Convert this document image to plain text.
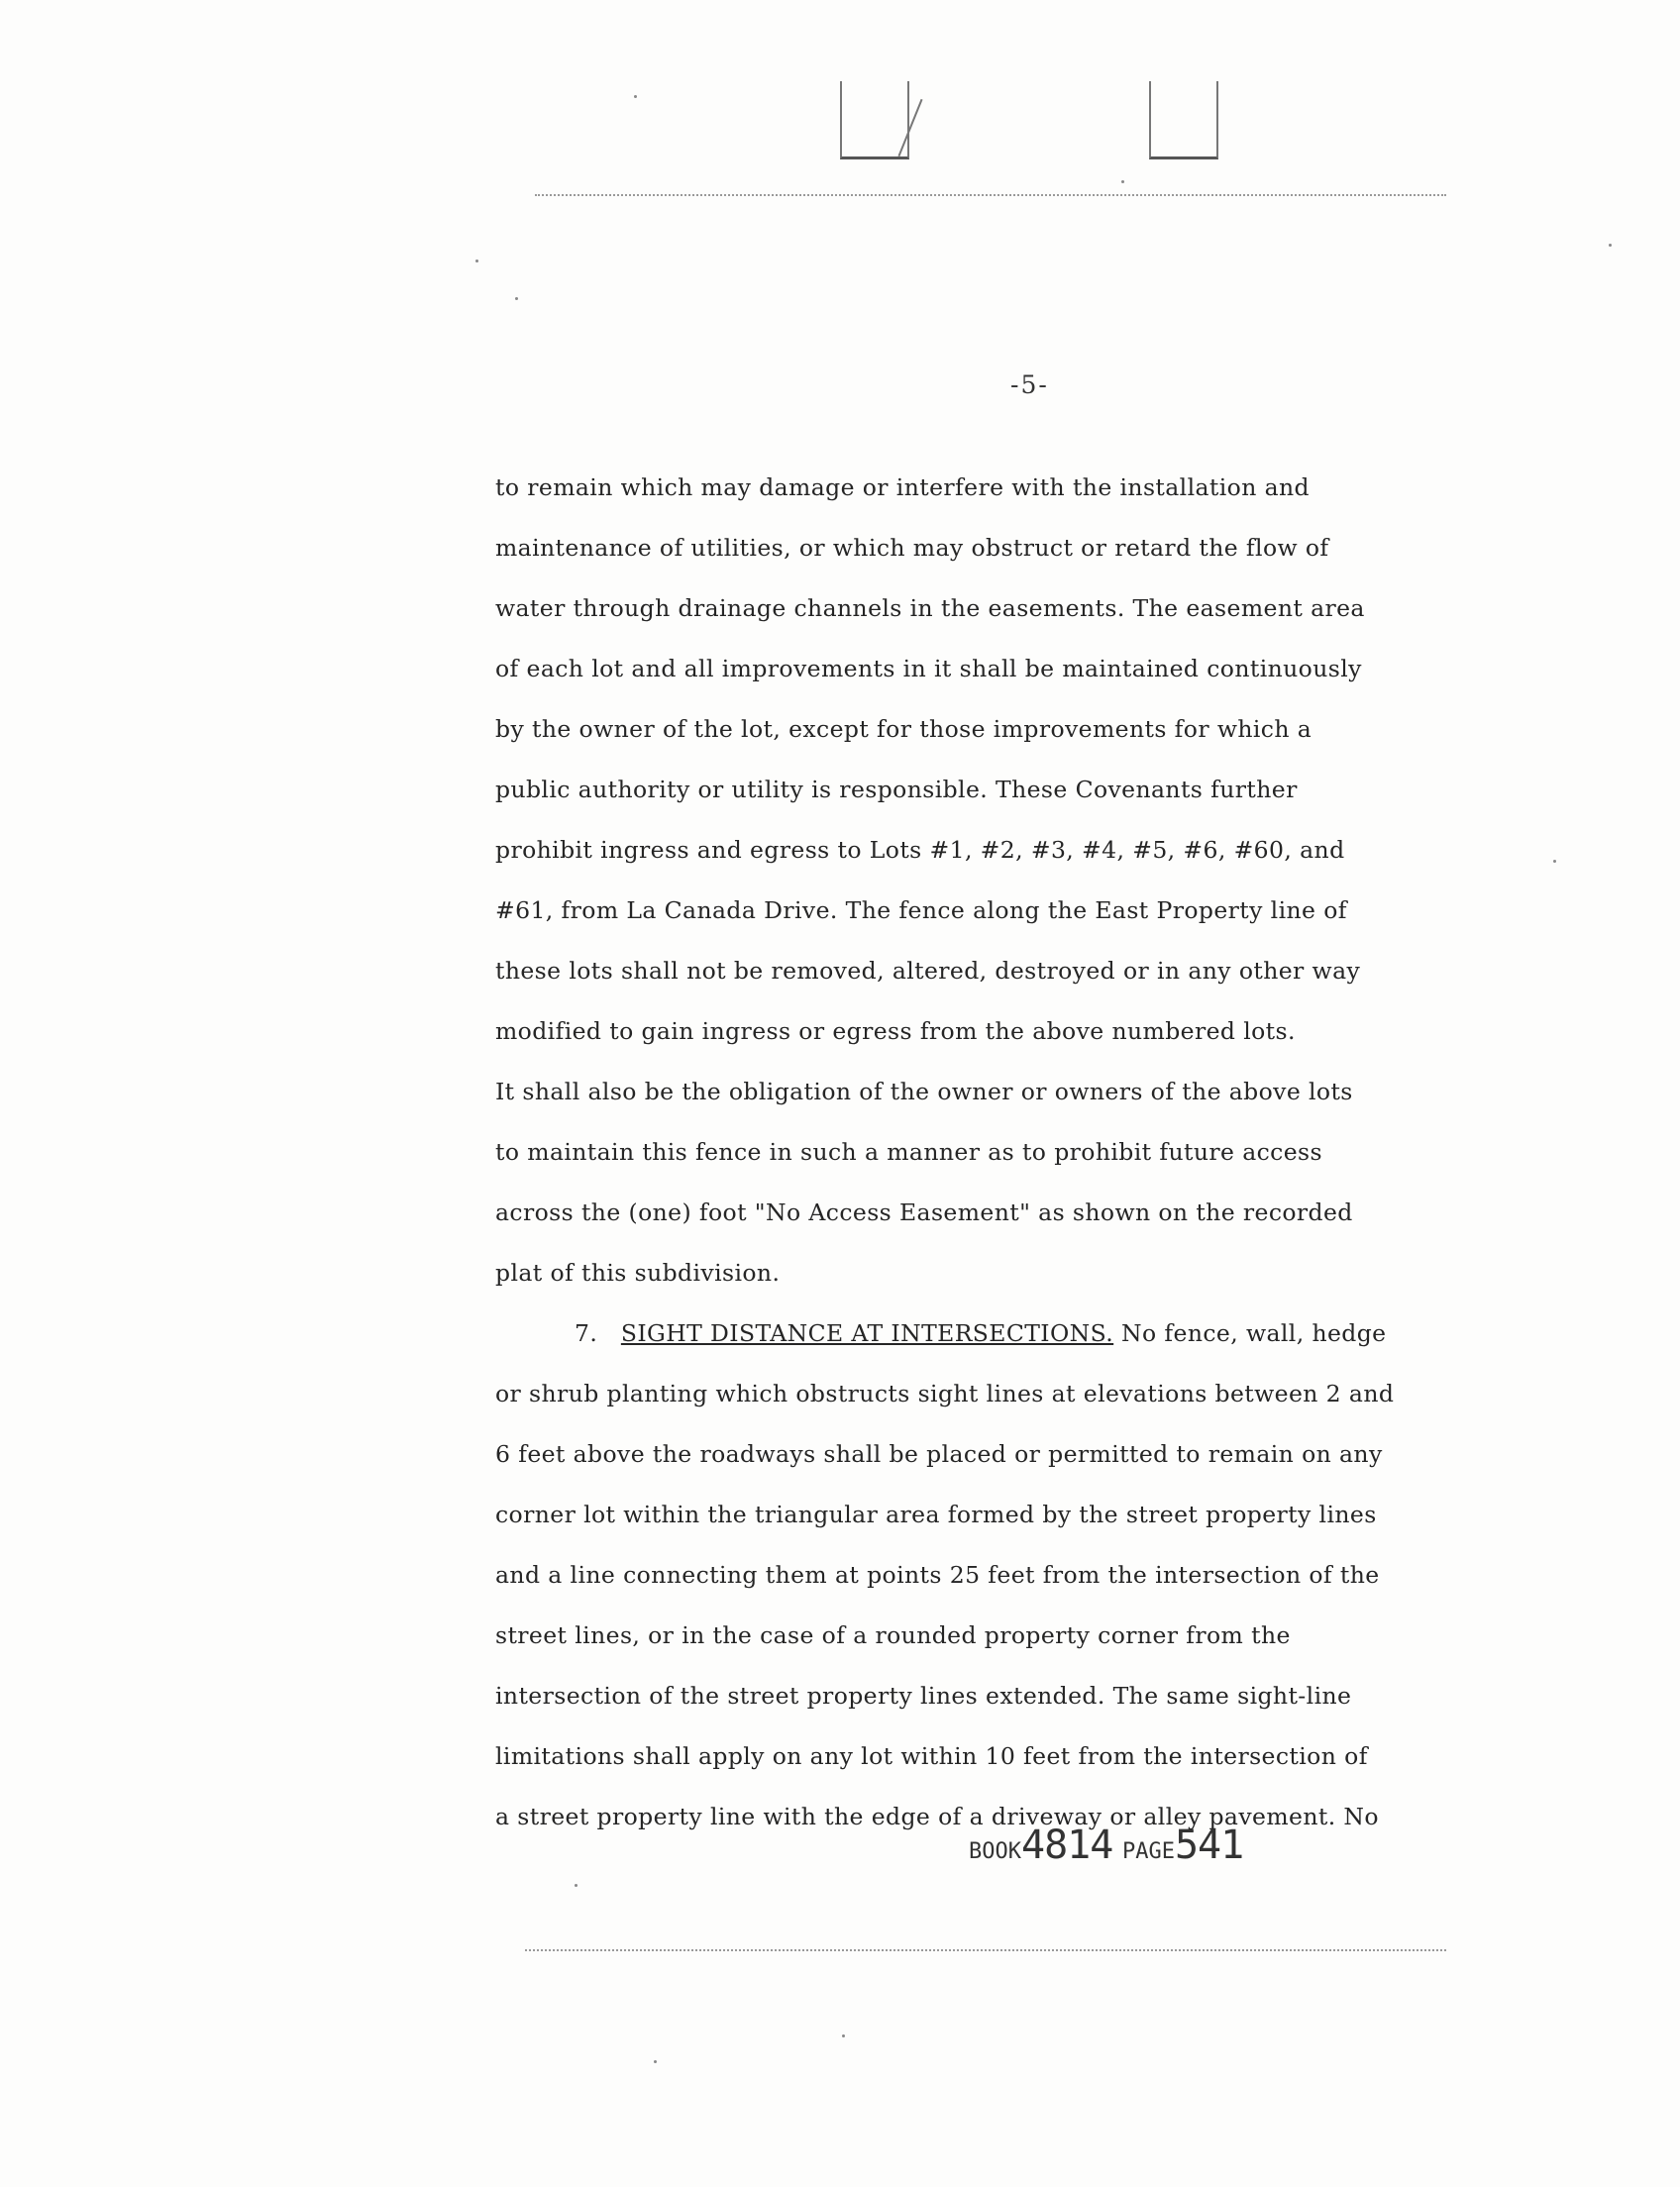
-5-
to remain which may damage or interfere with the installation and
maintenance of utilities, or which may obstruct or retard the flow of
water through drainage channels in the easements. The easement area
of each lot and all improvements in it shall be maintained continuously
by the owner of the lot, except for those improvements for which a
public authority or utility is responsible. These Covenants further
prohibit ingress and egress to Lots #1, #2, #3, #4, #5, #6, #60, and
#61, from La Canada Drive. The fence along the East Property line of
these lots shall not be removed, altered, destroyed or in any other way
modified to gain ingress or egress from the above numbered lots.
It shall also be the obligation of the owner or owners of the above lots
to maintain this fence in such a manner as to prohibit future access
across the (one) foot "No Access Easement" as shown on the recorded
plat of this subdivision.
7. SIGHT DISTANCE AT INTERSECTIONS. No fence, wall, hedge
or shrub planting which obstructs sight lines at elevations between 2 and
6 feet above the roadways shall be placed or permitted to remain on any
corner lot within the triangular area formed by the street property lines
and a line connecting them at points 25 feet from the intersection of the
street lines, or in the case of a rounded property corner from the
intersection of the street property lines extended. The same sight-line
limitations shall apply on any lot within 10 feet from the intersection of
a street property line with the edge of a driveway or alley pavement. No
BOOK4814 PAGE541
